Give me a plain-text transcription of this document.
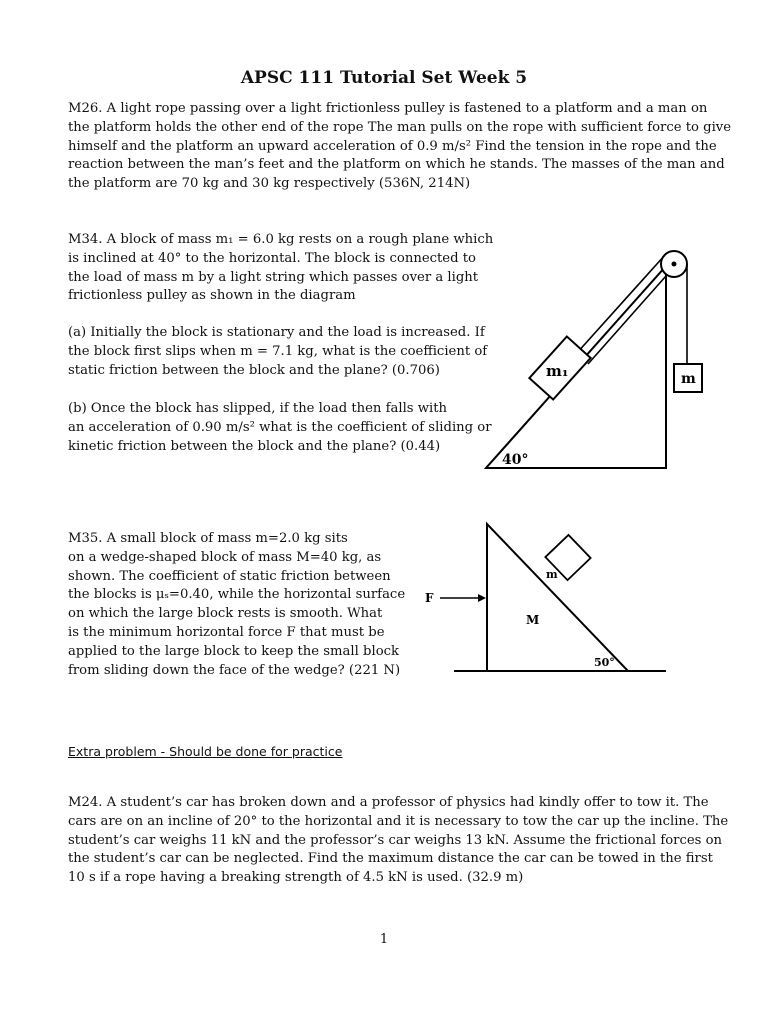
APSC 111 Tutorial Set Week 5
M26. A light rope passing over a light frictionless pulley is fastened to a platform and a man on
the platform holds the other end of the rope The man pulls on the rope with sufficient force to give
himself and the platform an upward acceleration of 0.9 m/s² Find the tension in the rope and the
reaction between the man’s feet and the platform on which he stands. The masses of the man and
the platform are 70 kg and 30 kg respectively (536N, 214N)
M34. A block of mass m₁ = 6.0 kg rests on a rough plane which
is inclined at 40° to the horizontal. The block is connected to
the load of mass m by a light string which passes over a light
frictionless pulley as shown in the diagram
(a) Initially the block is stationary and the load is increased. If
the block first slips when m = 7.1 kg, what is the coefficient of
static friction between the block and the plane? (0.706)
(b) Once the block has slipped, if the load then falls with
an acceleration of 0.90 m/s² what is the coefficient of sliding or
kinetic friction between the block and the plane? (0.44)
m₁	m
40°
M35. A small block of mass m=2.0 kg sits
on a wedge-shaped block of mass M=40 kg, as
shown. The coefficient of static friction between
the blocks is μₛ=0.40, while the horizontal surface
on which the large block rests is smooth. What
is the minimum horizontal force F that must be
applied to the large block to keep the small block
from sliding down the face of the wedge? (221 N)
m
F
M
50°
Extra problem - Should be done for practice
M24. A student’s car has broken down and a professor of physics had kindly offer to tow it. The
cars are on an incline of 20° to the horizontal and it is necessary to tow the car up the incline. The
student’s car weighs 11 kN and the professor’s car weighs 13 kN. Assume the frictional forces on
the student’s car can be neglected. Find the maximum distance the car can be towed in the first
10 s if a rope having a breaking strength of 4.5 kN is used. (32.9 m)
1
